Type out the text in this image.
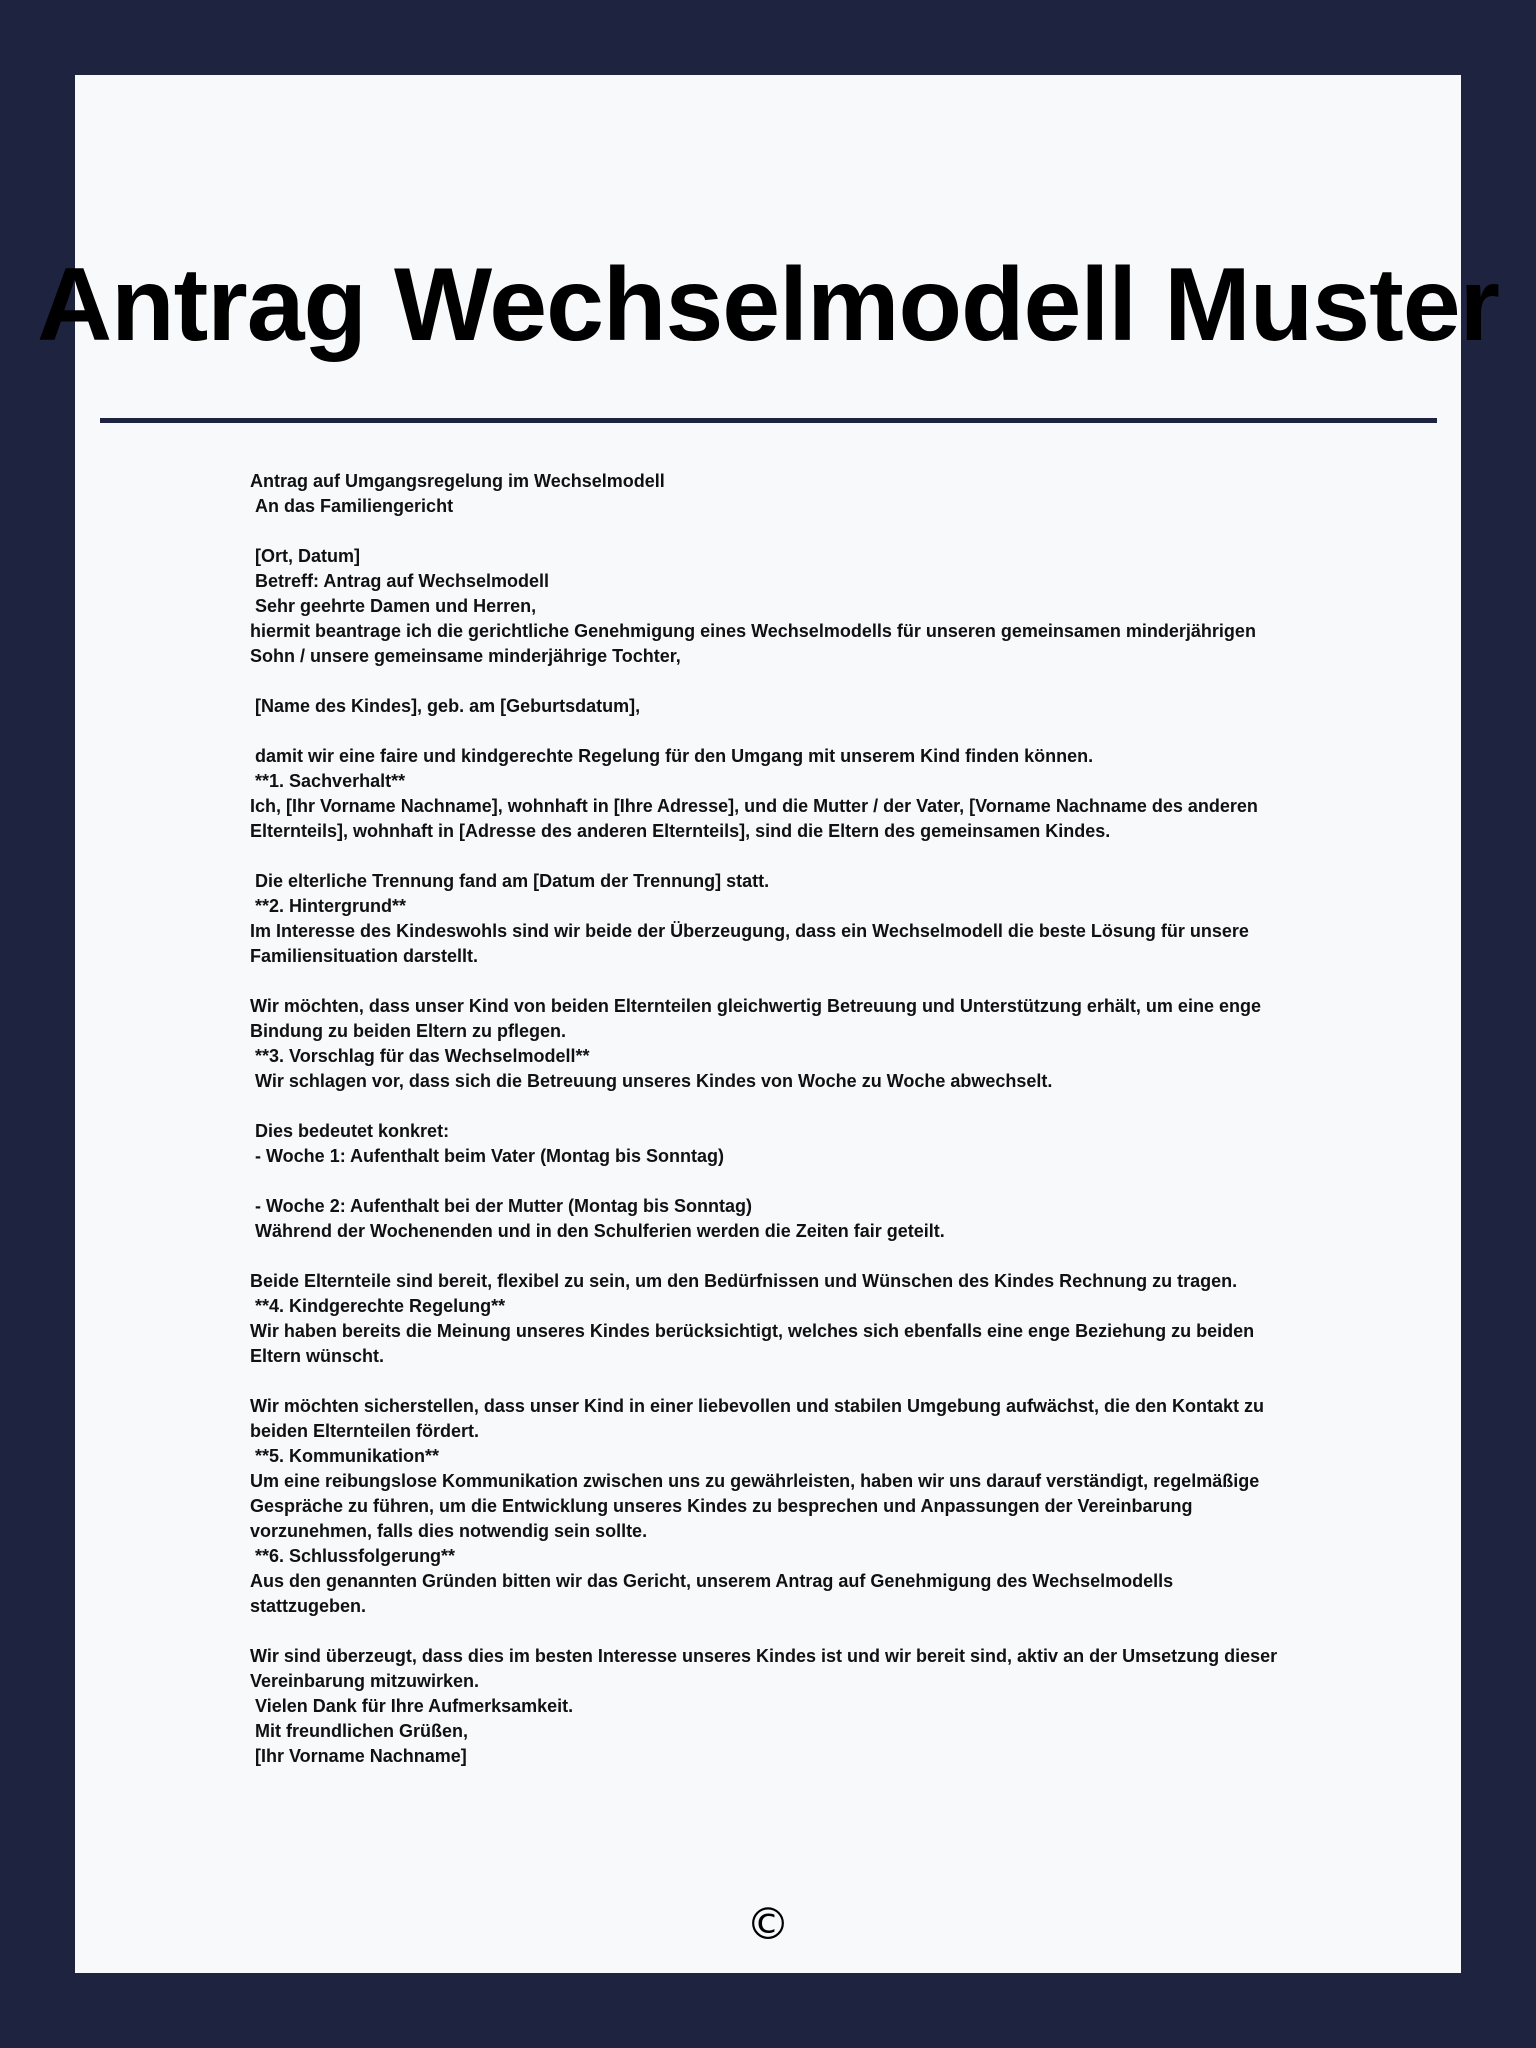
Antrag Wechselmodell Muster
Antrag auf Umgangsregelung im Wechselmodell
An das Familiengericht
[Ort, Datum]
Betreff: Antrag auf Wechselmodell
Sehr geehrte Damen und Herren,
hiermit beantrage ich die gerichtliche Genehmigung eines Wechselmodells für unseren gemeinsamen minderjährigen Sohn / unsere gemeinsame minderjährige Tochter,
[Name des Kindes], geb. am [Geburtsdatum],
damit wir eine faire und kindgerechte Regelung für den Umgang mit unserem Kind finden können.
**1. Sachverhalt**
Ich, [Ihr Vorname Nachname], wohnhaft in [Ihre Adresse], und die Mutter / der Vater, [Vorname Nachname des anderen Elternteils], wohnhaft in [Adresse des anderen Elternteils], sind die Eltern des gemeinsamen Kindes.
Die elterliche Trennung fand am [Datum der Trennung] statt.
**2. Hintergrund**
Im Interesse des Kindeswohls sind wir beide der Überzeugung, dass ein Wechselmodell die beste Lösung für unsere Familiensituation darstellt.
Wir möchten, dass unser Kind von beiden Elternteilen gleichwertig Betreuung und Unterstützung erhält, um eine enge Bindung zu beiden Eltern zu pflegen.
**3. Vorschlag für das Wechselmodell**
Wir schlagen vor, dass sich die Betreuung unseres Kindes von Woche zu Woche abwechselt.
Dies bedeutet konkret:
- Woche 1: Aufenthalt beim Vater (Montag bis Sonntag)
- Woche 2: Aufenthalt bei der Mutter (Montag bis Sonntag)
Während der Wochenenden und in den Schulferien werden die Zeiten fair geteilt.
Beide Elternteile sind bereit, flexibel zu sein, um den Bedürfnissen und Wünschen des Kindes Rechnung zu tragen.
**4. Kindgerechte Regelung**
Wir haben bereits die Meinung unseres Kindes berücksichtigt, welches sich ebenfalls eine enge Beziehung zu beiden Eltern wünscht.
Wir möchten sicherstellen, dass unser Kind in einer liebevollen und stabilen Umgebung aufwächst, die den Kontakt zu beiden Elternteilen fördert.
**5. Kommunikation**
Um eine reibungslose Kommunikation zwischen uns zu gewährleisten, haben wir uns darauf verständigt, regelmäßige Gespräche zu führen, um die Entwicklung unseres Kindes zu besprechen und Anpassungen der Vereinbarung vorzunehmen, falls dies notwendig sein sollte.
**6. Schlussfolgerung**
Aus den genannten Gründen bitten wir das Gericht, unserem Antrag auf Genehmigung des Wechselmodells stattzugeben.
Wir sind überzeugt, dass dies im besten Interesse unseres Kindes ist und wir bereit sind, aktiv an der Umsetzung dieser Vereinbarung mitzuwirken.
Vielen Dank für Ihre Aufmerksamkeit.
Mit freundlichen Grüßen,
[Ihr Vorname Nachname]
©
